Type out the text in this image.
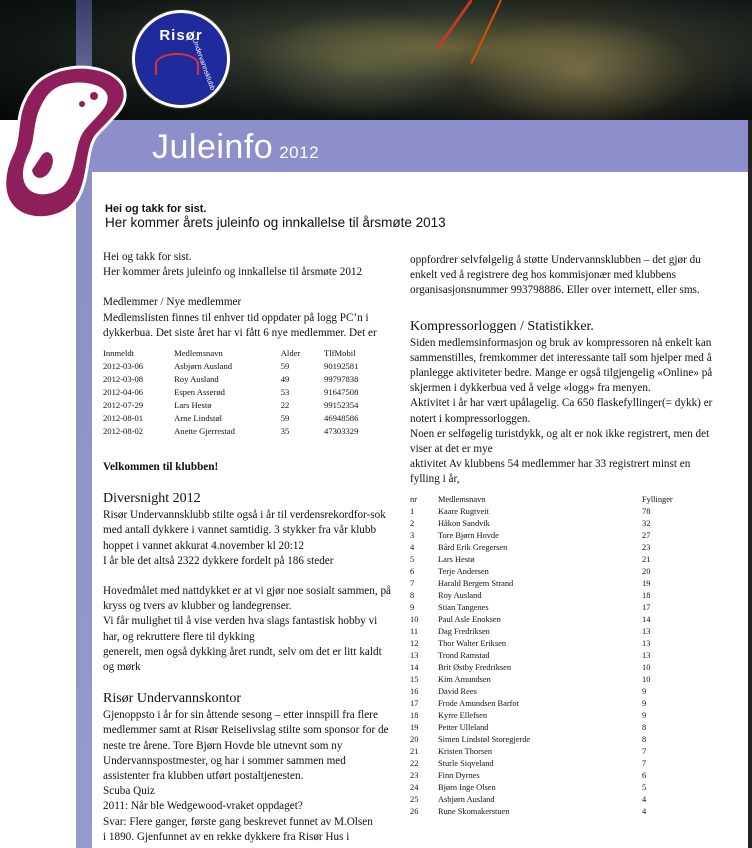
Juleinfo 2012
Risør
Undervannsklubb
Hei og takk for sist.
Her kommer årets juleinfo og innkallelse til årsmøte 2013

Hei og takk for sist.

Her kommer årets juleinfo og innkallelse til årsmøte 2012

Medlemmer / Nye medlemmer

Medlemslisten finnes til enhver tid oppdater på logg PC’n i dykkerbua. Det siste året har vi fått 6 nye medlemmer. Det er

Innmeldt	Medlemsnavn	Alder	TlfMobil
2012-03-06	Asbjørn Ausland	59	90192581
2012-03-08	Roy Ausland	49	99797838
2012-04-06	Espen Asserød	53	91647508
2012-07-29	Lars Hestø	22	99152354
2012-08-01	Arne Lindstøl	59	46948586
2012-08-02	Anette Gjerrestad	35	47303329

Velkommen til klubben!

Diversnight 2012

Risør Undervannsklubb stilte også i år til verdensrekordfor-sok med antall dykkere i vannet samtidig. 3 stykker fra vår klubb hoppet i vannet akkurat 4.november kl 20:12

I år ble det altså 2322 dykkere fordelt på 186 steder

Hovedmålet med nattdykket er at vi gjør noe sosialt sammen, på kryss og tvers av klubber og landegrenser.

Vi får mulighet til å vise verden hva slags fantastisk hobby vi har, og rekruttere flere til dykking

generelt, men også dykking året rundt, selv om det er litt kaldt og mørk

Risør Undervannskontor

Gjenoppsto i år for sin åttende sesong – etter innspill fra flere medlemmer samt at Risør Reiselivslag stilte som sponsor for de neste tre årene. Tore Bjørn Hovde ble utnevnt som ny Undervannspostmester, og har i sommer sammen med assistenter fra klubben utført postaltjenesten.

Scuba Quiz

2011: Når ble Wedgewood-vraket oppdaget?

Svar: Flere ganger, første gang beskrevet funnet av M.Olsen

i 1890. Gjenfunnet av en rekke dykkere fra Risør Hus i

oppfordrer selvfølgelig å støtte Undervannsklubben – det gjør du enkelt ved å registrere deg hos kommisjonær med klubbens organisasjonsnummer 993798886. Eller over internett, eller sms.

Kompressorloggen / Statistikker.

Siden medlemsinformasjon og bruk av kompressoren nå enkelt kan sammenstilles, fremkommer det interessante tall som hjelper med å planlegge aktiviteter bedre. Mange er også tilgjengelig «Online» på skjermen i dykkerbua ved å velge «logg» fra menyen.

Aktivitet i år har vært upålagelig. Ca 650 flaskefyllinger(= dykk) er notert i kompressorloggen.

Noen er selføgelig turistdykk, og alt er nok ikke registrert, men det viser at det er mye

aktivitet Av klubbens 54 medlemmer har 33 registrert minst en fylling i år,

nr	Medlemsnavn	Fyllinger
1	Kaare Rugtveit	78
2	Håkon Sandvik	32
3	Tore Bjørn Hovde	27
4	Bård Erik Gregersen	23
5	Lars Hestø	21
6	Terje Andersen	20
7	Harald Bergem Strand	19
8	Roy Ausland	18
9	Stian Tangenes	17
10	Paul Asle Enoksen	14
11	Dag Fredriksen	13
12	Thor Walter Eriksen	13
13	Trond Ramstad	13
14	Brit Østby Fredriksen	10
15	Kim Amundsen	10
16	David Rees	9
17	Frode Amundsen Barfot	9
18	Kyrre Ellefsen	9
19	Petter Ulleland	8
20	Simen Lindstøl Storegjerde	8
21	Kristen Thorsen	7
22	Sturle Siqveland	7
23	Finn Dyrnes	6
24	Bjørn Inge Olsen	5
25	Asbjørn Ausland	4
26	Rune Skomakerstuen	4
